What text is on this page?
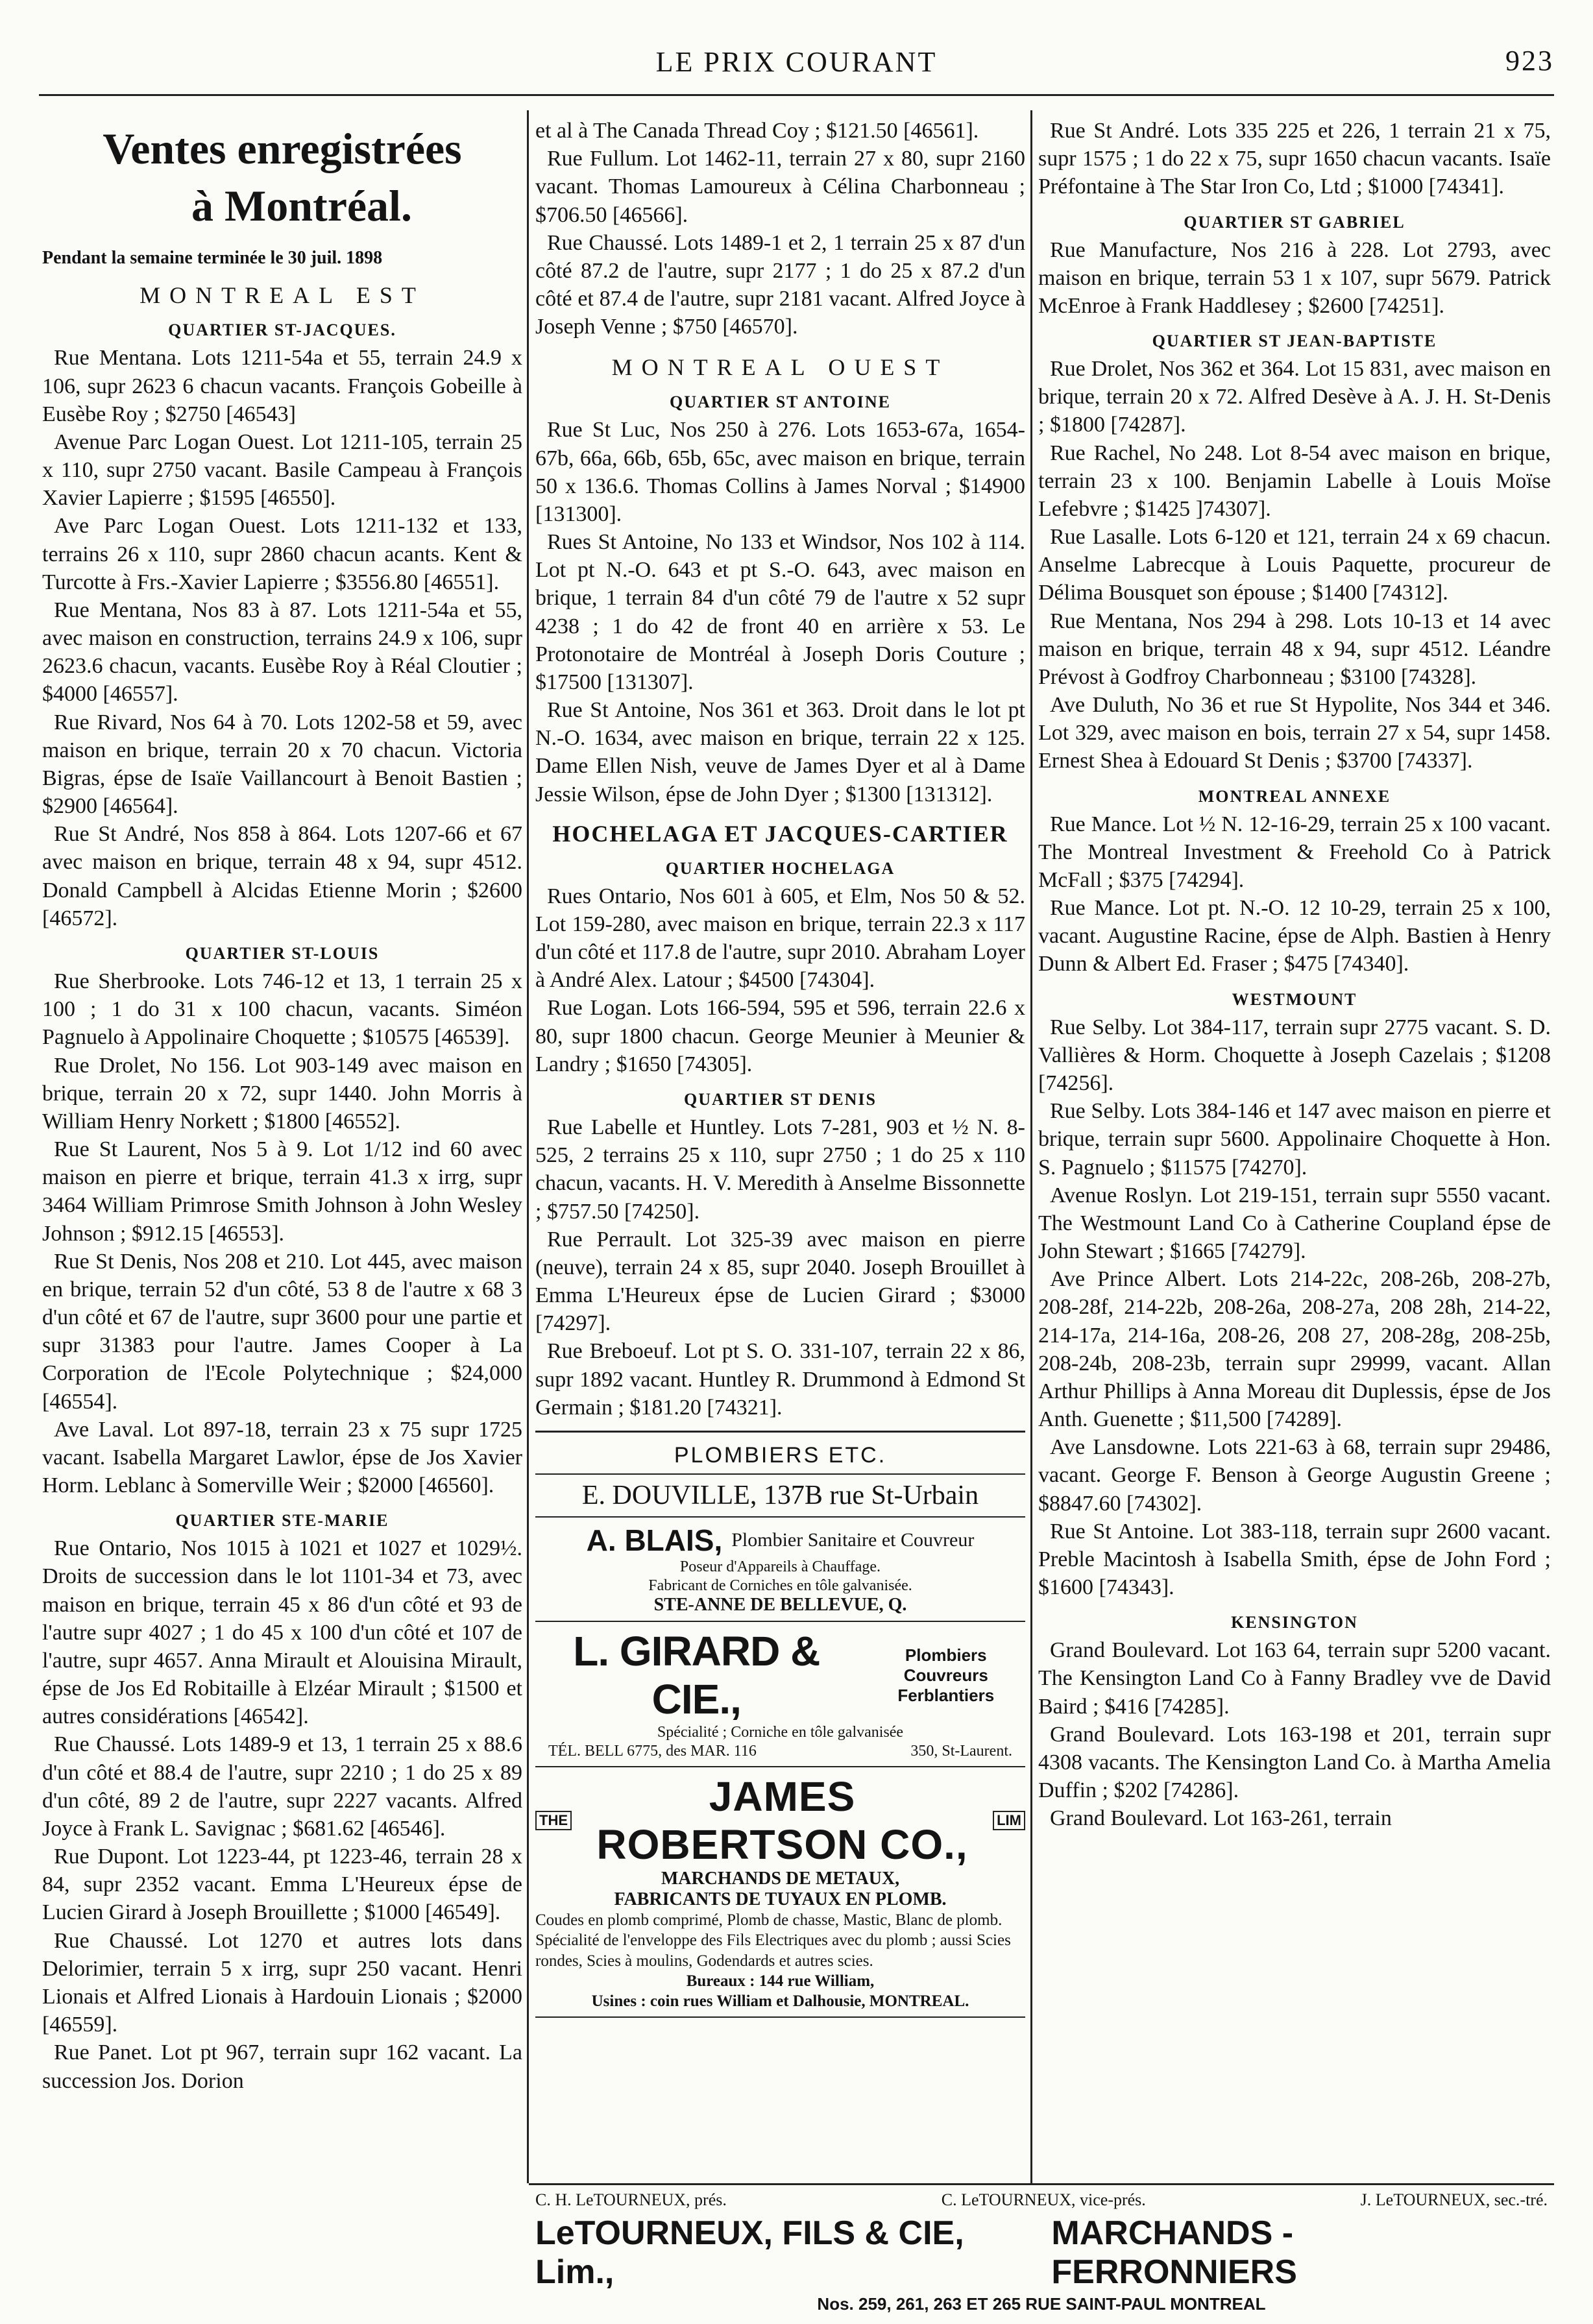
LE PRIX COURANT	923
Ventes enregistrées
à Montréal.
Pendant la semaine terminée le 30 juil. 1898
MONTREAL EST
QUARTIER ST-JACQUES.

Rue Mentana. Lots 1211-54a et 55, terrain 24.9 x 106, supr 2623 6 chacun vacants. François Gobeille à Eusèbe Roy ; $2750 [46543]

Avenue Parc Logan Ouest. Lot 1211-105, terrain 25 x 110, supr 2750 vacant. Basile Campeau à François Xavier Lapierre ; $1595 [46550].

Ave Parc Logan Ouest. Lots 1211-132 et 133, terrains 26 x 110, supr 2860 chacun acants. Kent & Turcotte à Frs.-Xavier Lapierre ; $3556.80 [46551].

Rue Mentana, Nos 83 à 87. Lots 1211-54a et 55, avec maison en construction, terrains 24.9 x 106, supr 2623.6 chacun, vacants. Eusèbe Roy à Réal Cloutier ; $4000 [46557].

Rue Rivard, Nos 64 à 70. Lots 1202-58 et 59, avec maison en brique, terrain 20 x 70 chacun. Victoria Bigras, épse de Isaïe Vaillancourt à Benoit Bastien ; $2900 [46564].

Rue St André, Nos 858 à 864. Lots 1207-66 et 67 avec maison en brique, terrain 48 x 94, supr 4512. Donald Campbell à Alcidas Etienne Morin ; $2600 [46572].

QUARTIER ST-LOUIS

Rue Sherbrooke. Lots 746-12 et 13, 1 terrain 25 x 100 ; 1 do 31 x 100 chacun, vacants. Siméon Pagnuelo à Appolinaire Choquette ; $10575 [46539].

Rue Drolet, No 156. Lot 903-149 avec maison en brique, terrain 20 x 72, supr 1440. John Morris à William Henry Norkett ; $1800 [46552].

Rue St Laurent, Nos 5 à 9. Lot 1/12 ind 60 avec maison en pierre et brique, terrain 41.3 x irrg, supr 3464 William Primrose Smith Johnson à John Wesley Johnson ; $912.15 [46553].

Rue St Denis, Nos 208 et 210. Lot 445, avec maison en brique, terrain 52 d'un côté, 53 8 de l'autre x 68 3 d'un côté et 67 de l'autre, supr 3600 pour une partie et supr 31383 pour l'autre. James Cooper à La Corporation de l'Ecole Polytechnique ; $24,000 [46554].

Ave Laval. Lot 897-18, terrain 23 x 75 supr 1725 vacant. Isabella Margaret Lawlor, épse de Jos Xavier Horm. Leblanc à Somerville Weir ; $2000 [46560].

QUARTIER STE-MARIE

Rue Ontario, Nos 1015 à 1021 et 1027 et 1029½. Droits de succession dans le lot 1101-34 et 73, avec maison en brique, terrain 45 x 86 d'un côté et 93 de l'autre supr 4027 ; 1 do 45 x 100 d'un côté et 107 de l'autre, supr 4657. Anna Mirault et Alouisina Mirault, épse de Jos Ed Robitaille à Elzéar Mirault ; $1500 et autres considérations [46542].

Rue Chaussé. Lots 1489-9 et 13, 1 terrain 25 x 88.6 d'un côté et 88.4 de l'autre, supr 2210 ; 1 do 25 x 89 d'un côté, 89 2 de l'autre, supr 2227 vacants. Alfred Joyce à Frank L. Savignac ; $681.62 [46546].

Rue Dupont. Lot 1223-44, pt 1223-46, terrain 28 x 84, supr 2352 vacant. Emma L'Heureux épse de Lucien Girard à Joseph Brouillette ; $1000 [46549].

Rue Chaussé. Lot 1270 et autres lots dans Delorimier, terrain 5 x irrg, supr 250 vacant. Henri Lionais et Alfred Lionais à Hardouin Lionais ; $2000 [46559].

Rue Panet. Lot pt 967, terrain supr 162 vacant. La succession Jos. Dorion

et al à The Canada Thread Coy ; $121.50 [46561].

Rue Fullum. Lot 1462-11, terrain 27 x 80, supr 2160 vacant. Thomas Lamoureux à Célina Charbonneau ; $706.50 [46566].

Rue Chaussé. Lots 1489-1 et 2, 1 terrain 25 x 87 d'un côté 87.2 de l'autre, supr 2177 ; 1 do 25 x 87.2 d'un côté et 87.4 de l'autre, supr 2181 vacant. Alfred Joyce à Joseph Venne ; $750 [46570].

MONTREAL OUEST
QUARTIER ST ANTOINE

Rue St Luc, Nos 250 à 276. Lots 1653-67a, 1654-67b, 66a, 66b, 65b, 65c, avec maison en brique, terrain 50 x 136.6. Thomas Collins à James Norval ; $14900 [131300].

Rues St Antoine, No 133 et Windsor, Nos 102 à 114. Lot pt N.-O. 643 et pt S.-O. 643, avec maison en brique, 1 terrain 84 d'un côté 79 de l'autre x 52 supr 4238 ; 1 do 42 de front 40 en arrière x 53. Le Protonotaire de Montréal à Joseph Doris Couture ; $17500 [131307].

Rue St Antoine, Nos 361 et 363. Droit dans le lot pt N.-O. 1634, avec maison en brique, terrain 22 x 125. Dame Ellen Nish, veuve de James Dyer et al à Dame Jessie Wilson, épse de John Dyer ; $1300 [131312].

HOCHELAGA ET JACQUES-CARTIER
QUARTIER HOCHELAGA

Rues Ontario, Nos 601 à 605, et Elm, Nos 50 & 52. Lot 159-280, avec maison en brique, terrain 22.3 x 117 d'un côté et 117.8 de l'autre, supr 2010. Abraham Loyer à André Alex. Latour ; $4500 [74304].

Rue Logan. Lots 166-594, 595 et 596, terrain 22.6 x 80, supr 1800 chacun. George Meunier à Meunier & Landry ; $1650 [74305].

QUARTIER ST DENIS

Rue Labelle et Huntley. Lots 7-281, 903 et ½ N. 8-525, 2 terrains 25 x 110, supr 2750 ; 1 do 25 x 110 chacun, vacants. H. V. Meredith à Anselme Bissonnette ; $757.50 [74250].

Rue Perrault. Lot 325-39 avec maison en pierre (neuve), terrain 24 x 85, supr 2040. Joseph Brouillet à Emma L'Heureux épse de Lucien Girard ; $3000 [74297].

Rue Breboeuf. Lot pt S. O. 331-107, terrain 22 x 86, supr 1892 vacant. Huntley R. Drummond à Edmond St Germain ; $181.20 [74321].

PLOMBIERS ETC.
E. DOUVILLE, 137B rue St-Urbain
A. BLAIS, Plombier Sanitaire et Couvreur
Poseur d'Appareils à Chauffage.
Fabricant de Corniches en tôle galvanisée.
STE-ANNE DE BELLEVUE, Q.
L. GIRARD & CIE.,
Plombiers Couvreurs
Ferblantiers
Spécialité ; Corniche en tôle galvanisée
TÉL. BELL 6775, des MAR. 116	350, St-Laurent.
THE
JAMES ROBERTSON CO.,
LIM
MARCHANDS DE METAUX,
FABRICANTS DE TUYAUX EN PLOMB.
Coudes en plomb comprimé, Plomb de chasse, Mastic, Blanc de plomb. Spécialité de l'enveloppe des Fils Electriques avec du plomb ; aussi Scies rondes, Scies à moulins, Godendards et autres scies.
Bureaux : 144 rue William,
Usines : coin rues William et Dalhousie, MONTREAL.

Rue St André. Lots 335 225 et 226, 1 terrain 21 x 75, supr 1575 ; 1 do 22 x 75, supr 1650 chacun vacants. Isaïe Préfontaine à The Star Iron Co, Ltd ; $1000 [74341].

QUARTIER ST GABRIEL

Rue Manufacture, Nos 216 à 228. Lot 2793, avec maison en brique, terrain 53 1 x 107, supr 5679. Patrick McEnroe à Frank Haddlesey ; $2600 [74251].

QUARTIER ST JEAN-BAPTISTE

Rue Drolet, Nos 362 et 364. Lot 15 831, avec maison en brique, terrain 20 x 72. Alfred Desève à A. J. H. St-Denis ; $1800 [74287].

Rue Rachel, No 248. Lot 8-54 avec maison en brique, terrain 23 x 100. Benjamin Labelle à Louis Moïse Lefebvre ; $1425 ]74307].

Rue Lasalle. Lots 6-120 et 121, terrain 24 x 69 chacun. Anselme Labrecque à Louis Paquette, procureur de Délima Bousquet son épouse ; $1400 [74312].

Rue Mentana, Nos 294 à 298. Lots 10-13 et 14 avec maison en brique, terrain 48 x 94, supr 4512. Léandre Prévost à Godfroy Charbonneau ; $3100 [74328].

Ave Duluth, No 36 et rue St Hypolite, Nos 344 et 346. Lot 329, avec maison en bois, terrain 27 x 54, supr 1458. Ernest Shea à Edouard St Denis ; $3700 [74337].

MONTREAL ANNEXE

Rue Mance. Lot ½ N. 12-16-29, terrain 25 x 100 vacant. The Montreal Investment & Freehold Co à Patrick McFall ; $375 [74294].

Rue Mance. Lot pt. N.-O. 12 10-29, terrain 25 x 100, vacant. Augustine Racine, épse de Alph. Bastien à Henry Dunn & Albert Ed. Fraser ; $475 [74340].

WESTMOUNT

Rue Selby. Lot 384-117, terrain supr 2775 vacant. S. D. Vallières & Horm. Choquette à Joseph Cazelais ; $1208 [74256].

Rue Selby. Lots 384-146 et 147 avec maison en pierre et brique, terrain supr 5600. Appolinaire Choquette à Hon. S. Pagnuelo ; $11575 [74270].

Avenue Roslyn. Lot 219-151, terrain supr 5550 vacant. The Westmount Land Co à Catherine Coupland épse de John Stewart ; $1665 [74279].

Ave Prince Albert. Lots 214-22c, 208-26b, 208-27b, 208-28f, 214-22b, 208-26a, 208-27a, 208 28h, 214-22, 214-17a, 214-16a, 208-26, 208 27, 208-28g, 208-25b, 208-24b, 208-23b, terrain supr 29999, vacant. Allan Arthur Phillips à Anna Moreau dit Duplessis, épse de Jos Anth. Guenette ; $11,500 [74289].

Ave Lansdowne. Lots 221-63 à 68, terrain supr 29486, vacant. George F. Benson à George Augustin Greene ; $8847.60 [74302].

Rue St Antoine. Lot 383-118, terrain supr 2600 vacant. Preble Macintosh à Isabella Smith, épse de John Ford ; $1600 [74343].

KENSINGTON

Grand Boulevard. Lot 163 64, terrain supr 5200 vacant. The Kensington Land Co à Fanny Bradley vve de David Baird ; $416 [74285].

Grand Boulevard. Lots 163-198 et 201, terrain supr 4308 vacants. The Kensington Land Co. à Martha Amelia Duffin ; $202 [74286].

Grand Boulevard. Lot 163-261, terrain

C. H. LeTOURNEUX, prés.	C. LeTOURNEUX, vice-prés.	J. LeTOURNEUX, sec.-tré.
LeTOURNEUX, FILS & CIE, Lim.,
MARCHANDS - FERRONNIERS
Nos. 259, 261, 263 ET 265 RUE SAINT-PAUL MONTREAL
